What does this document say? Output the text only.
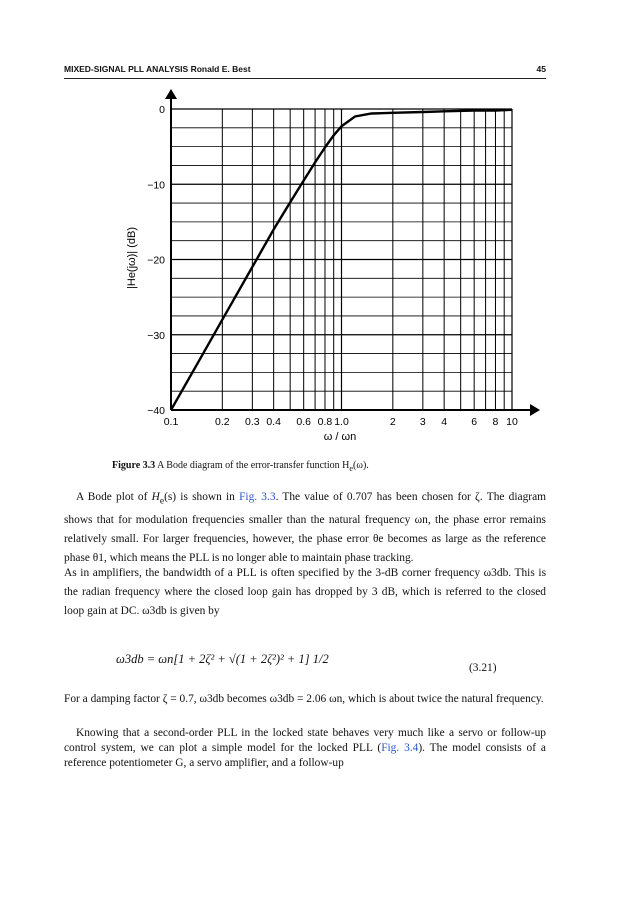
MIXED-SIGNAL PLL ANALYSIS Ronald E. Best	45
0
−10
−20
−30
−40
0.1	0.2 0.3 0.4 0.6 0.8 1.0	2 3 4 6 8 10
|He(jω)| (dB)
ω / ωn
Figure 3.3 A Bode diagram of the error-transfer function $H_e(\omega)$.
A Bode plot of $H_e(s)$ is shown in Fig. 3.3. The value of 0.707 has been chosen for ζ. The diagram shows that for modulation frequencies smaller than the natural frequency ωn, the phase error remains relatively small. For larger frequencies, however, the phase error θe becomes as large as the reference phase θ1, which means the PLL is no longer able to maintain phase tracking.
As in amplifiers, the bandwidth of a PLL is often specified by the 3-dB corner frequency ω3db. This is the radian frequency where the closed loop gain has dropped by 3 dB, which is referred to the closed loop gain at DC. ω3db is given by
ω3db = ωn[1 + 2ζ² + √(1 + 2ζ²)² + 1] 1/2
(3.21)
For a damping factor ζ = 0.7, ω3db becomes ω3db = 2.06 ωn, which is about twice the natural frequency.
Knowing that a second-order PLL in the locked state behaves very much like a servo or follow-up control system, we can plot a simple model for the locked PLL (Fig. 3.4). The model consists of a reference potentiometer G, a servo amplifier, and a follow-up
